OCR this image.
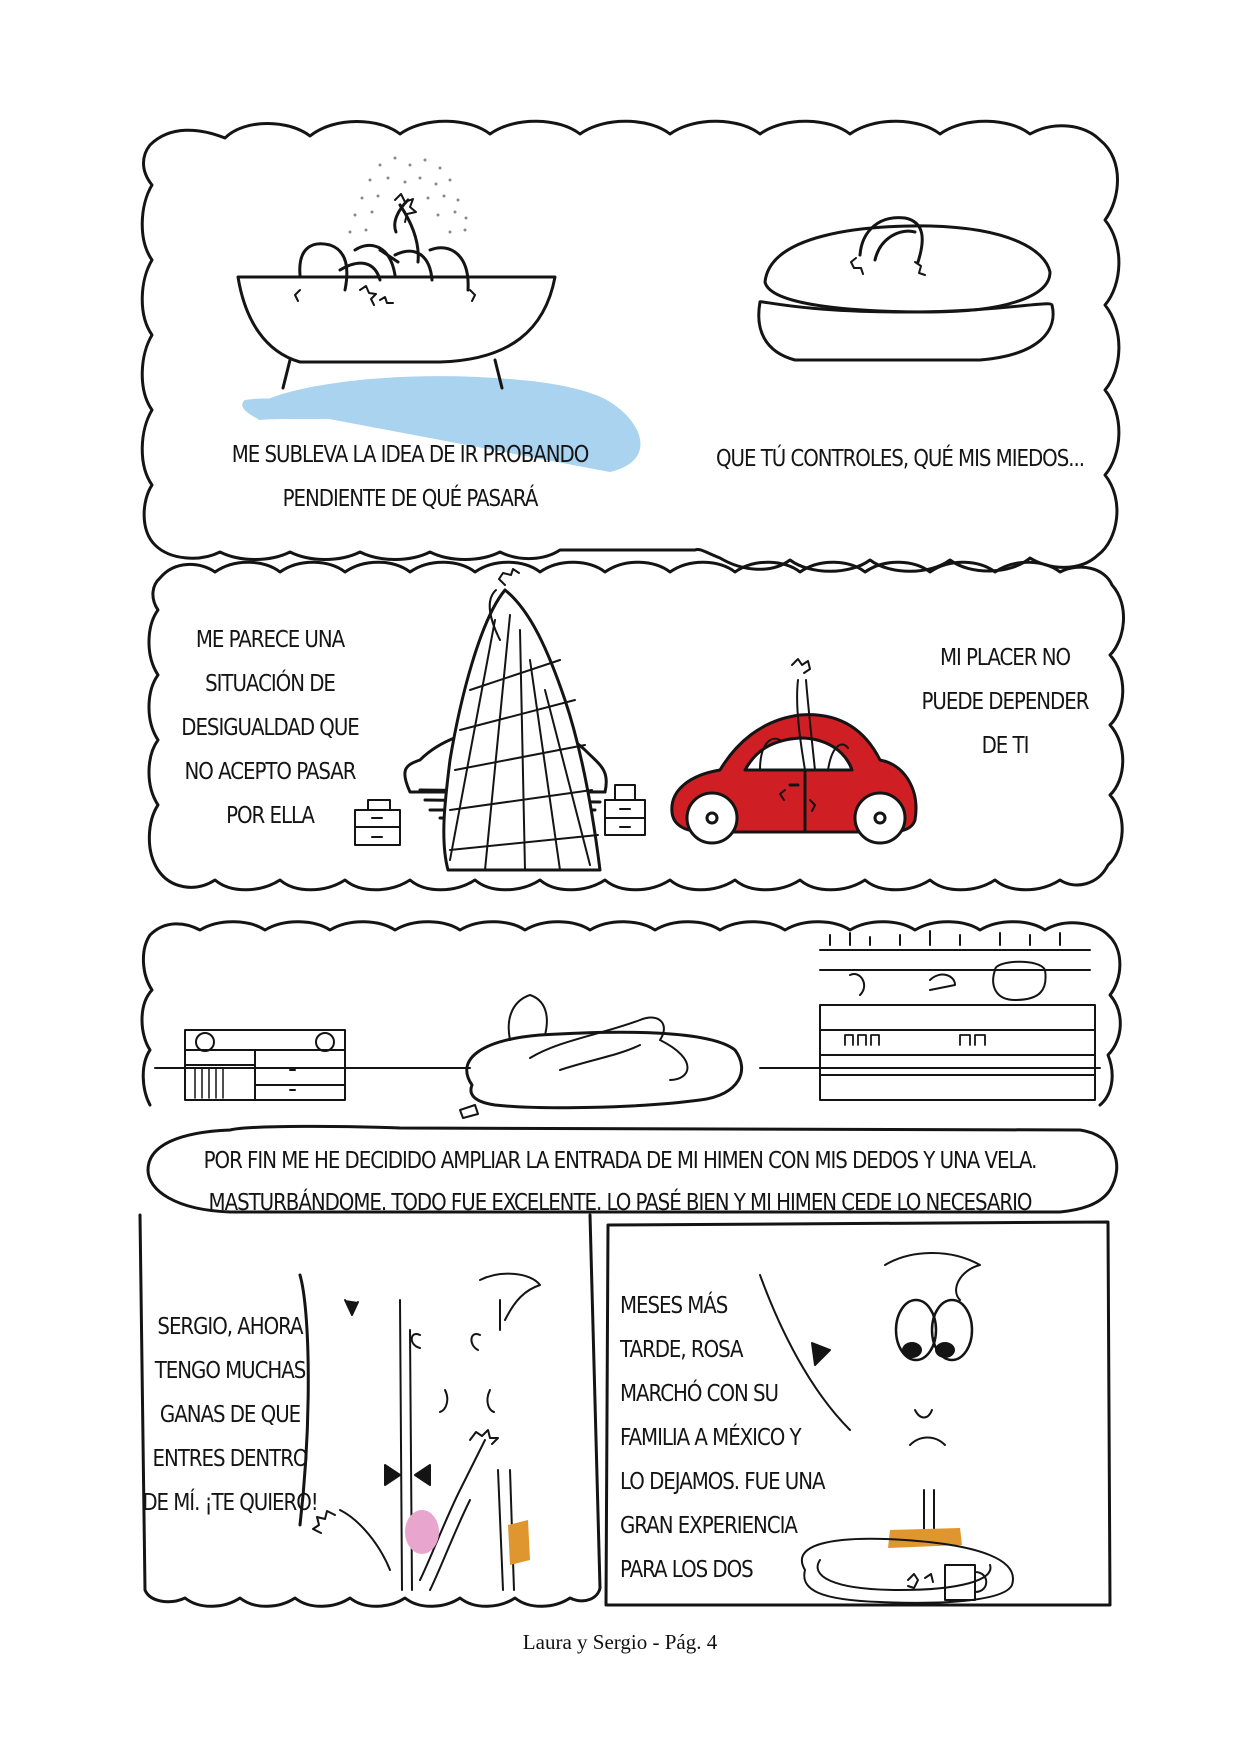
ME SUBLEVA LA IDEA DE IR PROBANDO
PENDIENTE DE QUÉ PASARÁ
QUE TÚ CONTROLES, QUÉ MIS MIEDOS...
ME PARECE UNA
SITUACIÓN DE
DESIGUALDAD QUE
NO ACEPTO PASAR
POR ELLA
MI PLACER NO
PUEDE DEPENDER
DE TI
POR FIN ME HE DECIDIDO AMPLIAR LA ENTRADA DE MI HIMEN CON MIS DEDOS Y UNA VELA.
MASTURBÁNDOME. TODO FUE EXCELENTE. LO PASÉ BIEN Y MI HIMEN CEDE LO NECESARIO
SERGIO, AHORA
TENGO MUCHAS
GANAS DE QUE
ENTRES DENTRO
DE MÍ. ¡TE QUIERO!
MESES MÁS
TARDE, ROSA
MARCHÓ CON SU
FAMILIA A MÉXICO Y
LO DEJAMOS. FUE UNA
GRAN EXPERIENCIA
PARA LOS DOS
Laura y Sergio - Pág. 4
